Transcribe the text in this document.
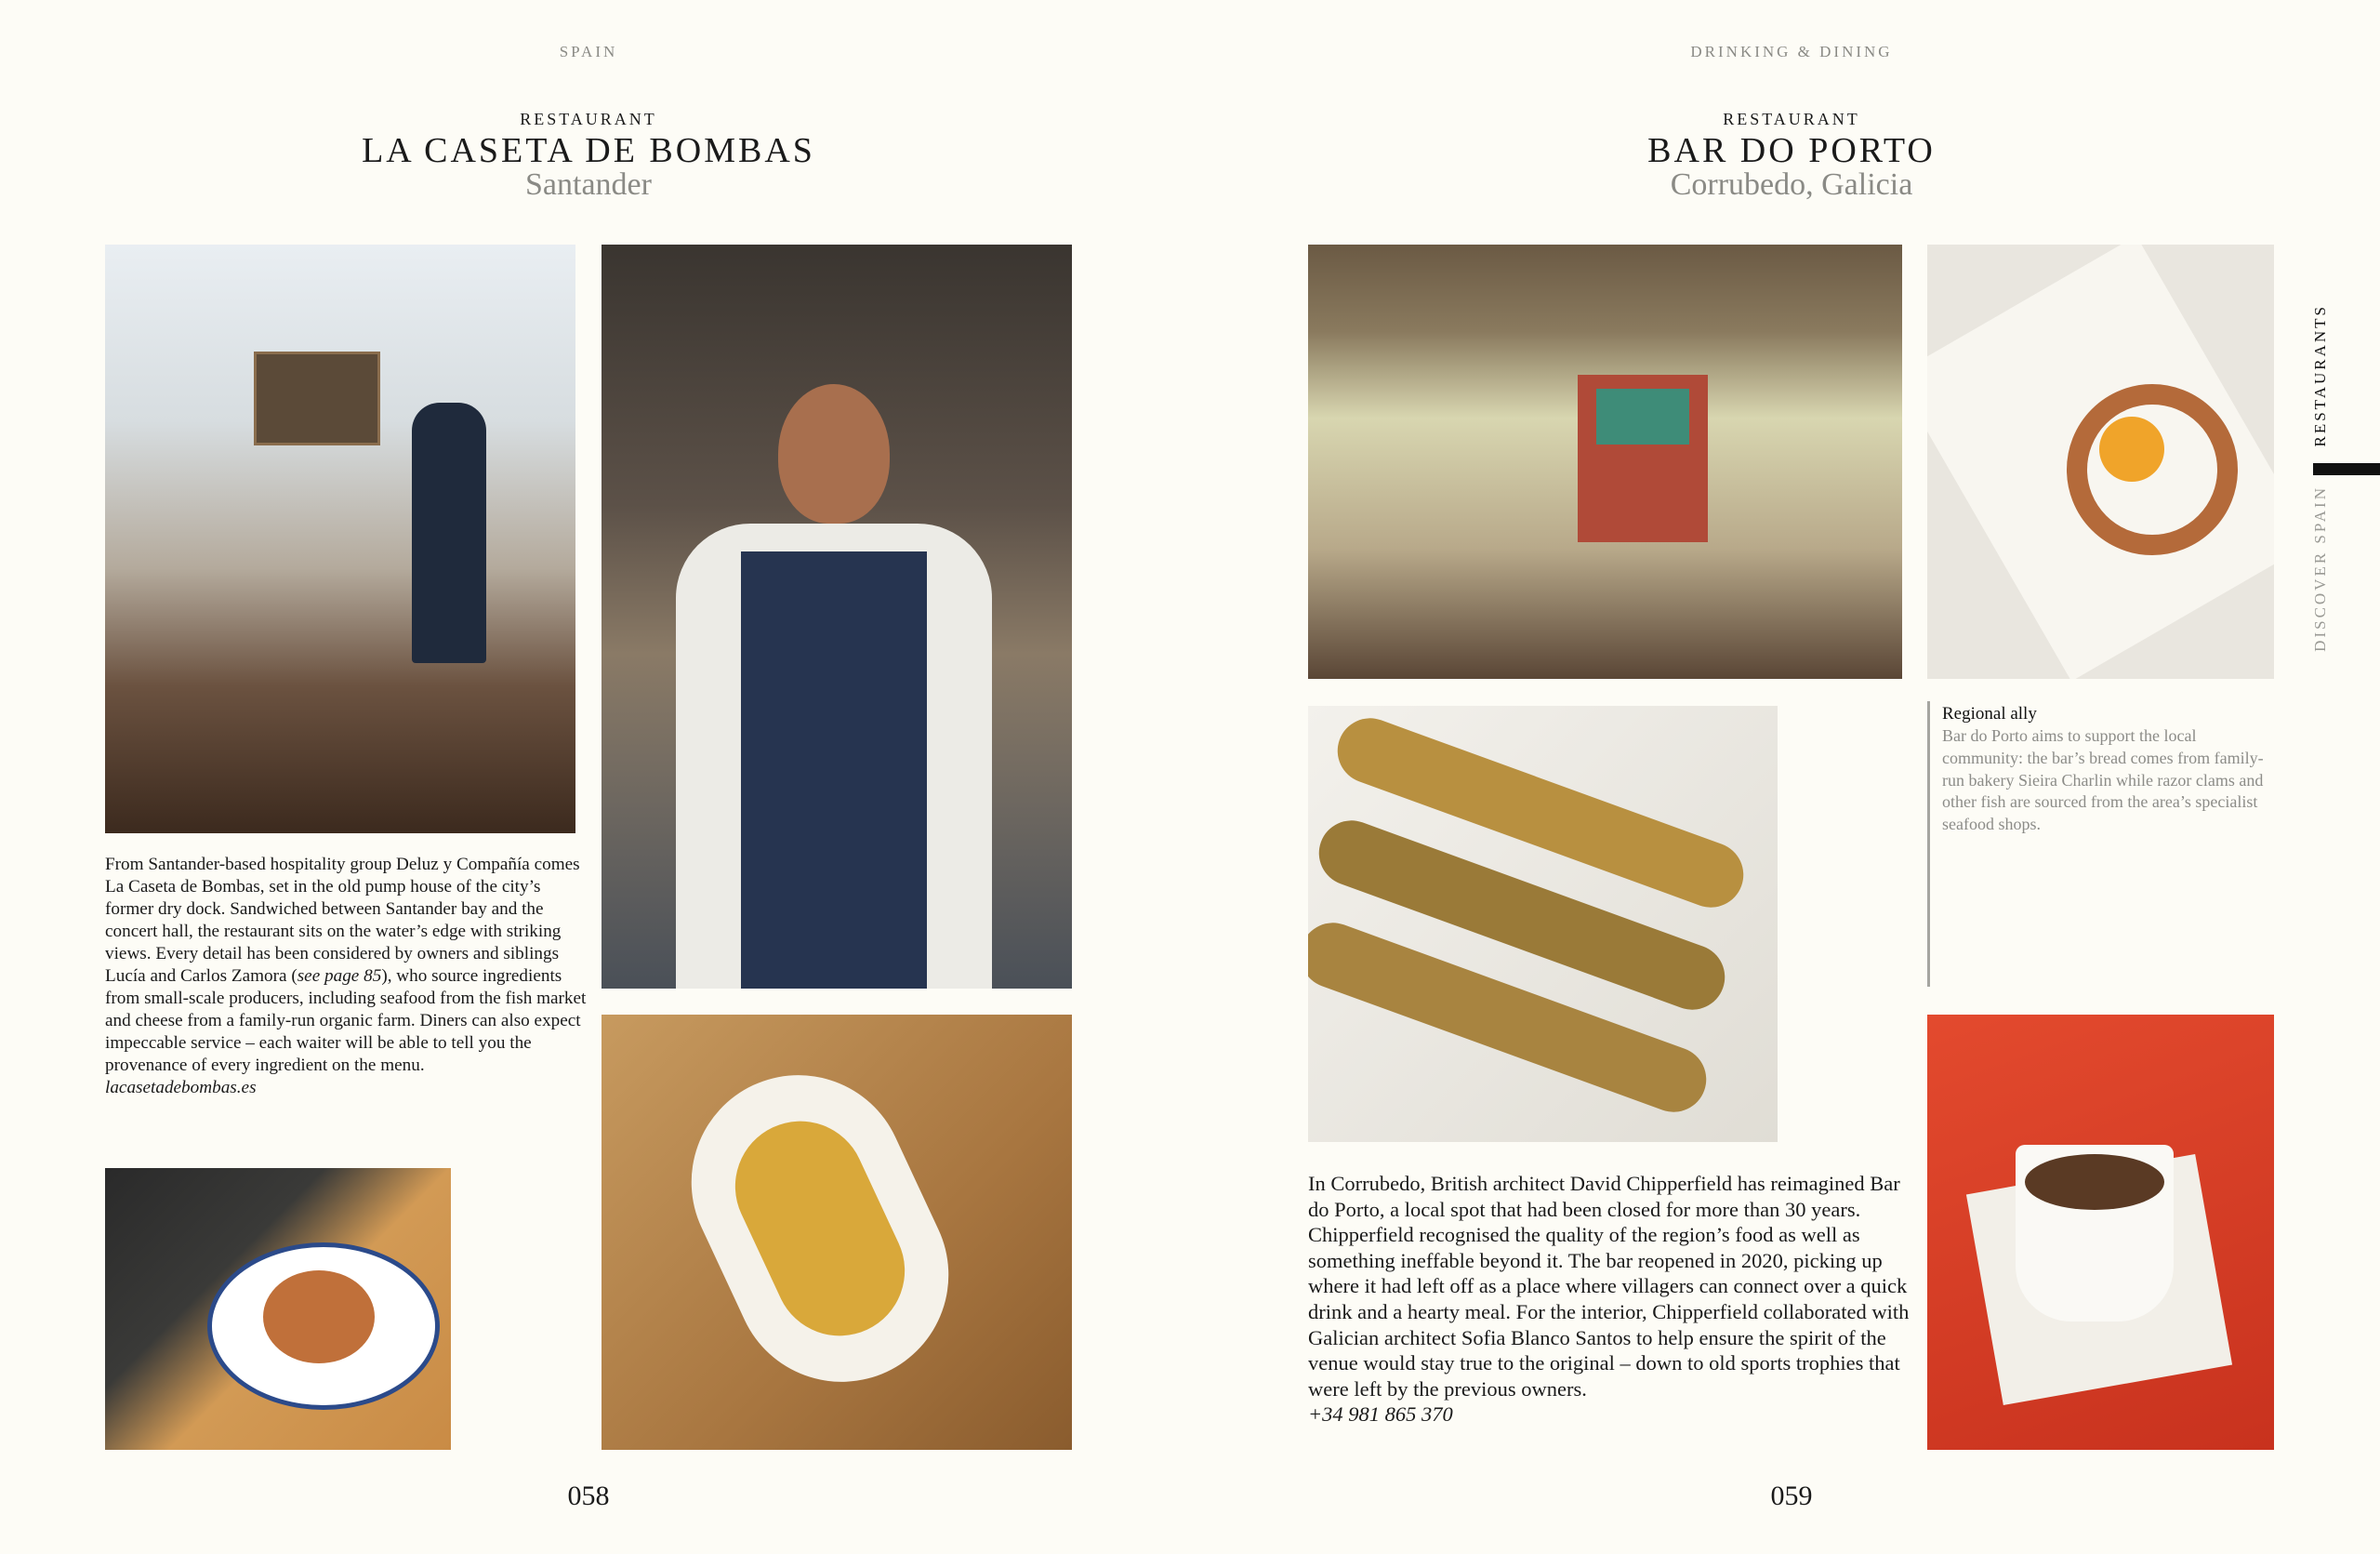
SPAIN
RESTAURANT
LA CASETA DE BOMBAS
Santander

From Santander-based hospitality group Deluz y Compañía comes La Caseta de Bombas, set in the old pump house of the city’s former dry dock. Sandwiched between Santander bay and the concert hall, the restaurant sits on the water’s edge with striking views. Every detail has been considered by owners and siblings Lucía and Carlos Zamora (see page 85), who source ingredients from small-scale producers, including seafood from the fish market and cheese from a family-run organic farm. Diners can also expect impeccable service – each waiter will be able to tell you the provenance of every ingredient on the menu.

lacasetadebombas.es

058
DRINKING & DINING
RESTAURANT
BAR DO PORTO
Corrubedo, Galicia
Regional ally
Bar do Porto aims to support the local community: the bar’s bread comes from family-run bakery Sieira Charlin while razor clams and other fish are sourced from the area’s specialist seafood shops.

In Corrubedo, British architect David Chipperfield has reimagined Bar do Porto, a local spot that had been closed for more than 30 years. Chipperfield recognised the quality of the region’s food as well as something ineffable beyond it. The bar reopened in 2020, picking up where it had left off as a place where villagers can connect over a quick drink and a hearty meal. For the interior, Chipperfield collaborated with Galician architect Sofia Blanco Santos to help ensure the spirit of the venue would stay true to the original – down to old sports trophies that were left by the previous owners.

+34 981 865 370

059
RESTAURANTS
DISCOVER SPAIN
